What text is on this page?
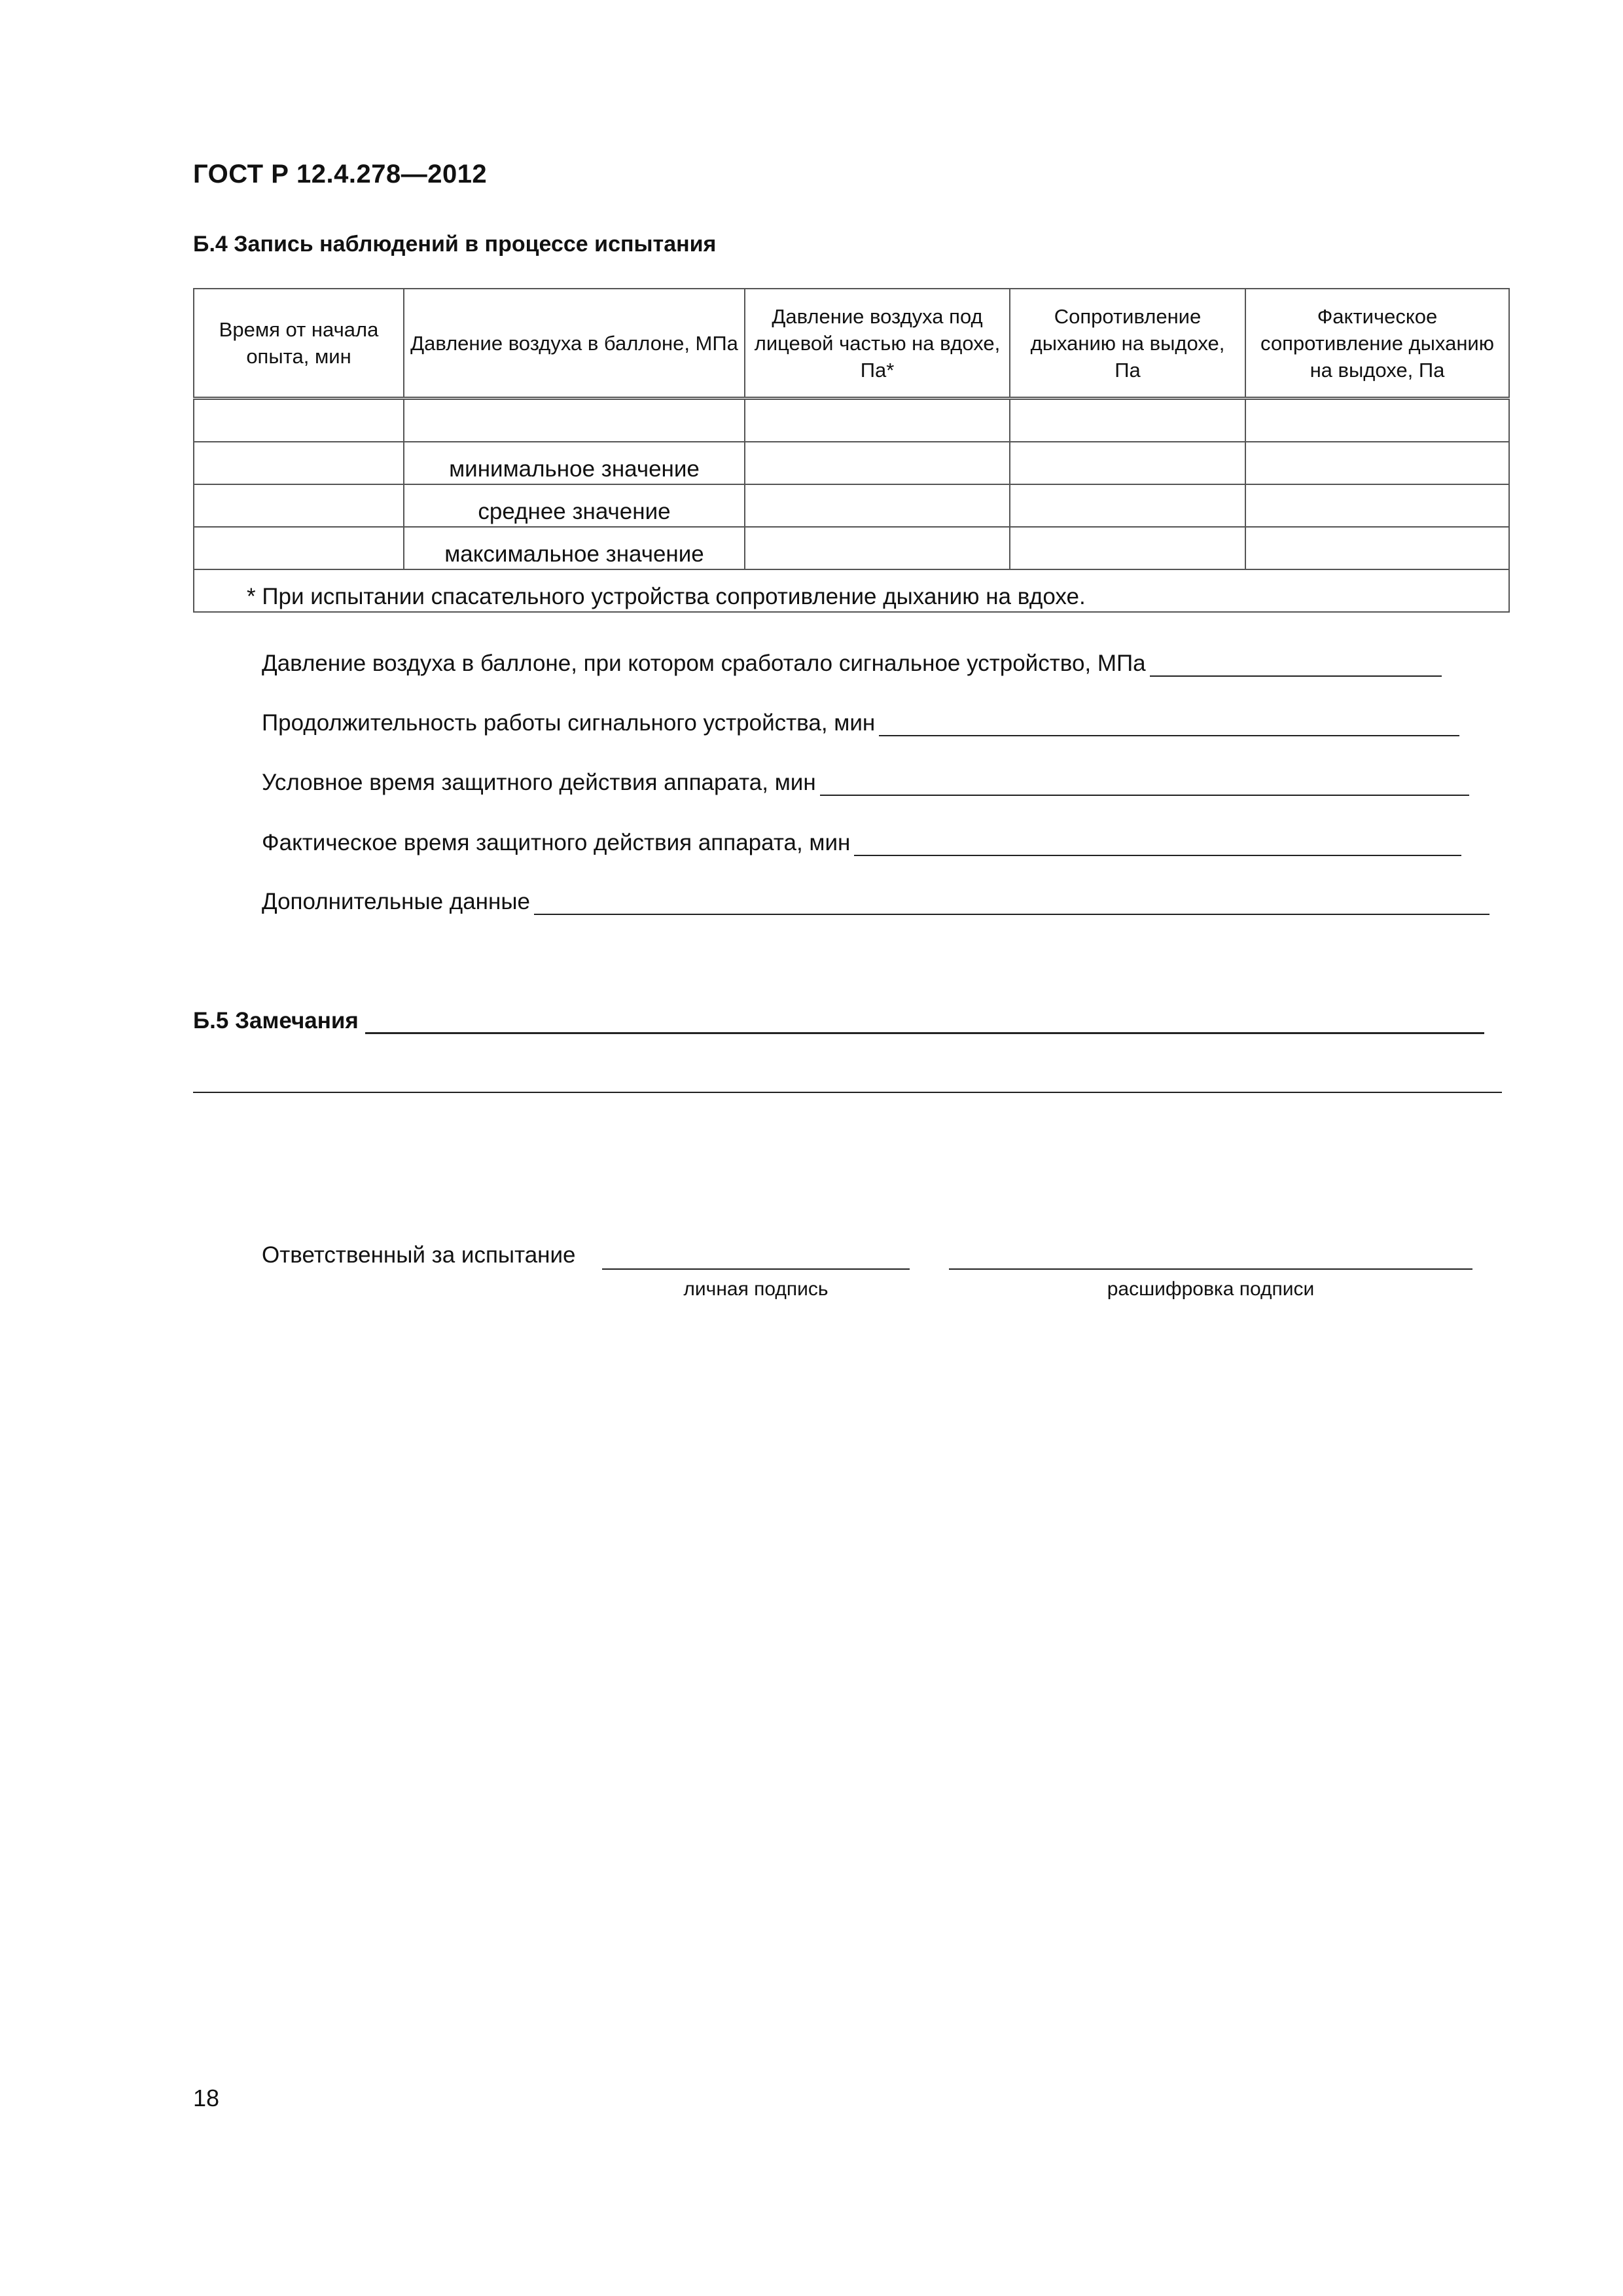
ГОСТ Р 12.4.278—2012
Б.4 Запись наблюдений в процессе испытания
Время от начала опыта, мин	Давление воздуха в баллоне, МПа	Давление воздуха под лицевой частью на вдохе, Па*	Сопротивление дыханию на выдохе, Па	Фактическое сопротивление дыханию на выдохе, Па

	минимальное значение			
	среднее значение			
	максимальное значение			
* При испытании спасательного устройства сопротивление дыханию на вдохе.				
Давление воздуха в баллоне, при котором сработало сигнальное устройство, МПа
Продолжительность работы сигнального устройства, мин
Условное время защитного действия аппарата, мин
Фактическое время защитного действия аппарата, мин
Дополнительные данные
Б.5 Замечания
Ответственный за испытание
личная подпись	расшифровка подписи
18
